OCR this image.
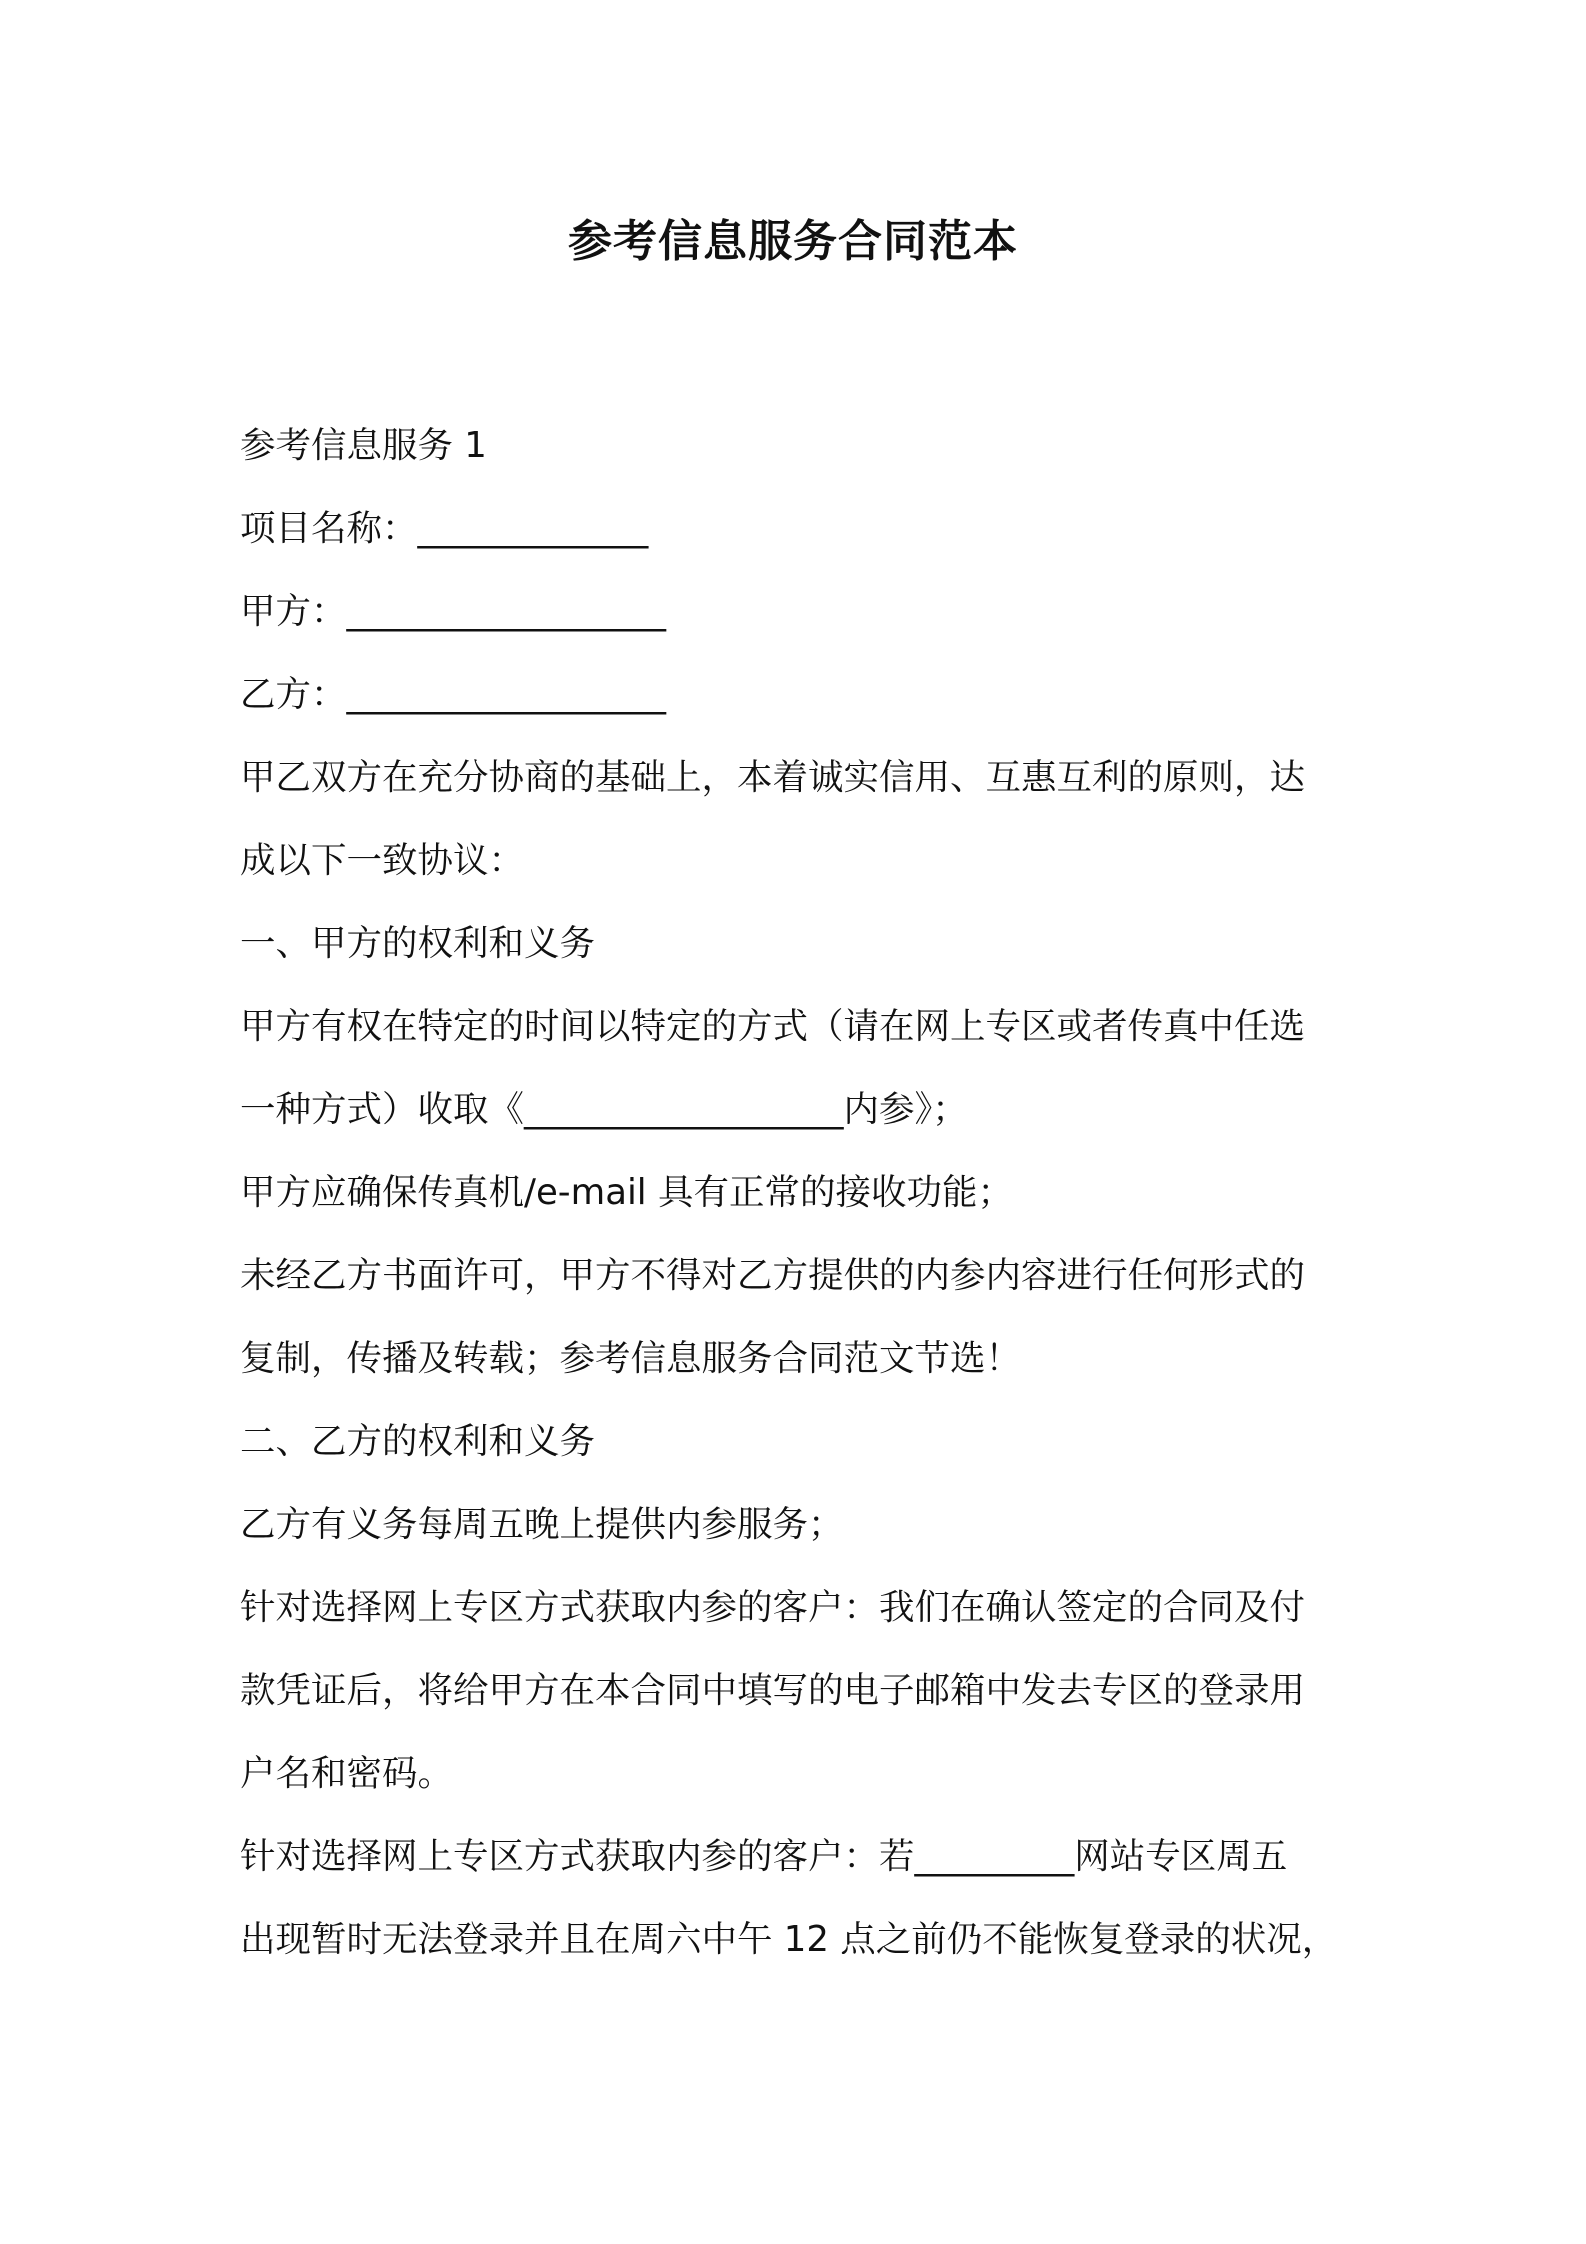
参考信息服务合同范本
参考信息服务 1
项目名称：_____________
甲方：__________________
乙方：__________________
甲乙双方在充分协商的基础上，本着诚实信用、互惠互利的原则，达
成以下一致协议：
一、甲方的权利和义务
甲方有权在特定的时间以特定的方式（请在网上专区或者传真中任选
一种方式）收取《__________________内参》；
甲方应确保传真机/e-mail 具有正常的接收功能；
未经乙方书面许可，甲方不得对乙方提供的内参内容进行任何形式的
复制，传播及转载；参考信息服务合同范文节选！
二、乙方的权利和义务
乙方有义务每周五晚上提供内参服务；
针对选择网上专区方式获取内参的客户：我们在确认签定的合同及付
款凭证后，将给甲方在本合同中填写的电子邮箱中发去专区的登录用
户名和密码。
针对选择网上专区方式获取内参的客户：若_________网站专区周五
出现暂时无法登录并且在周六中午 12 点之前仍不能恢复登录的状况，
